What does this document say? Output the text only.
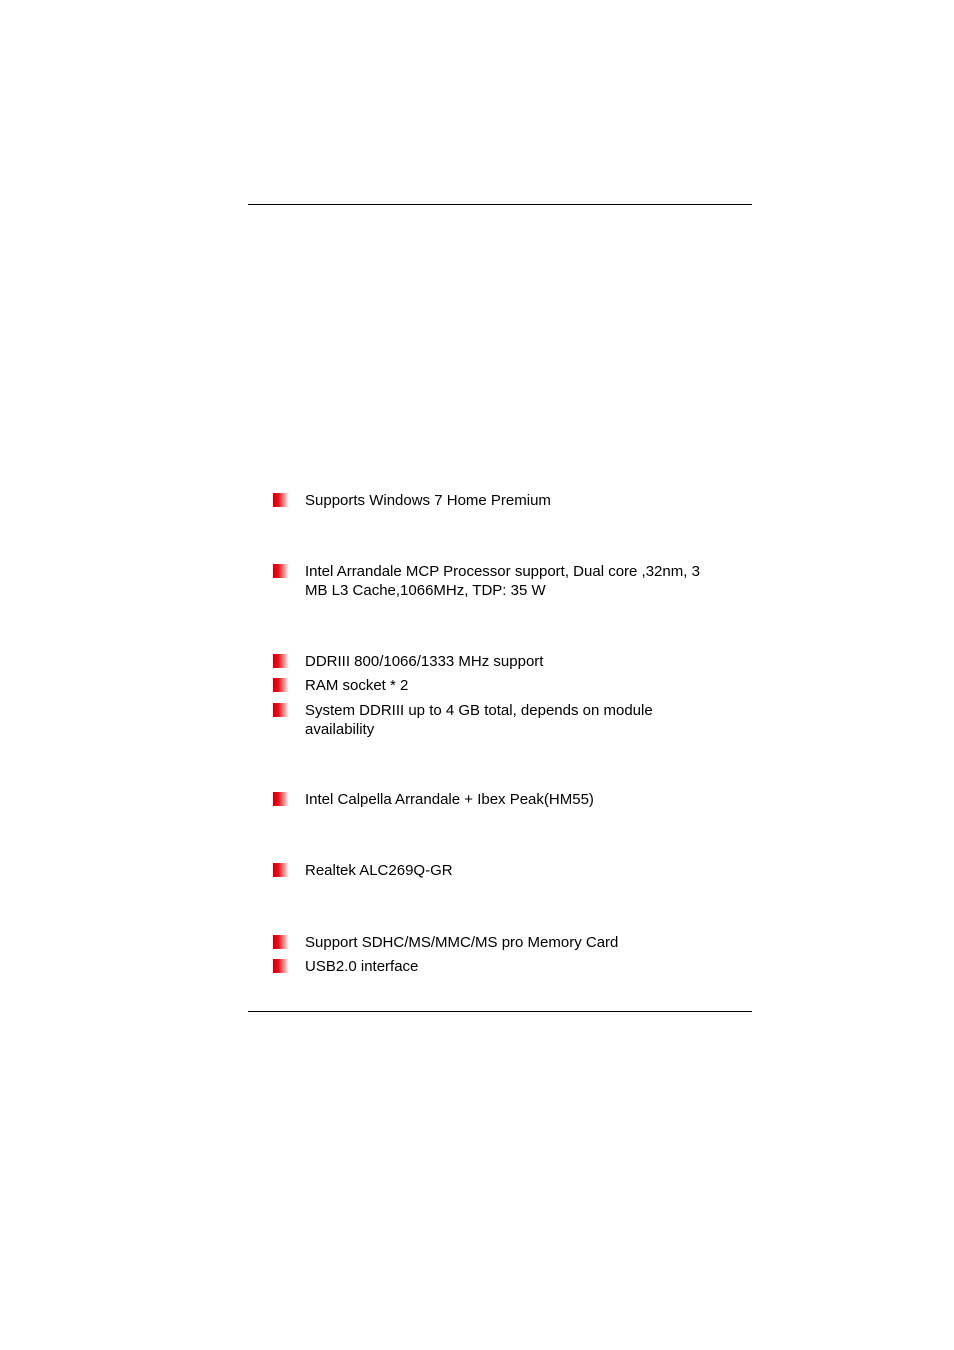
Supports Windows 7 Home Premium
Intel Arrandale MCP Processor support, Dual core ,32nm, 3
MB L3 Cache,1066MHz, TDP: 35 W
DDRIII 800/1066/1333 MHz support
RAM socket * 2
System DDRIII up to 4 GB total, depends on module
availability
Intel Calpella Arrandale + Ibex Peak(HM55)
Realtek ALC269Q-GR
Support SDHC/MS/MMC/MS pro Memory Card
USB2.0 interface
